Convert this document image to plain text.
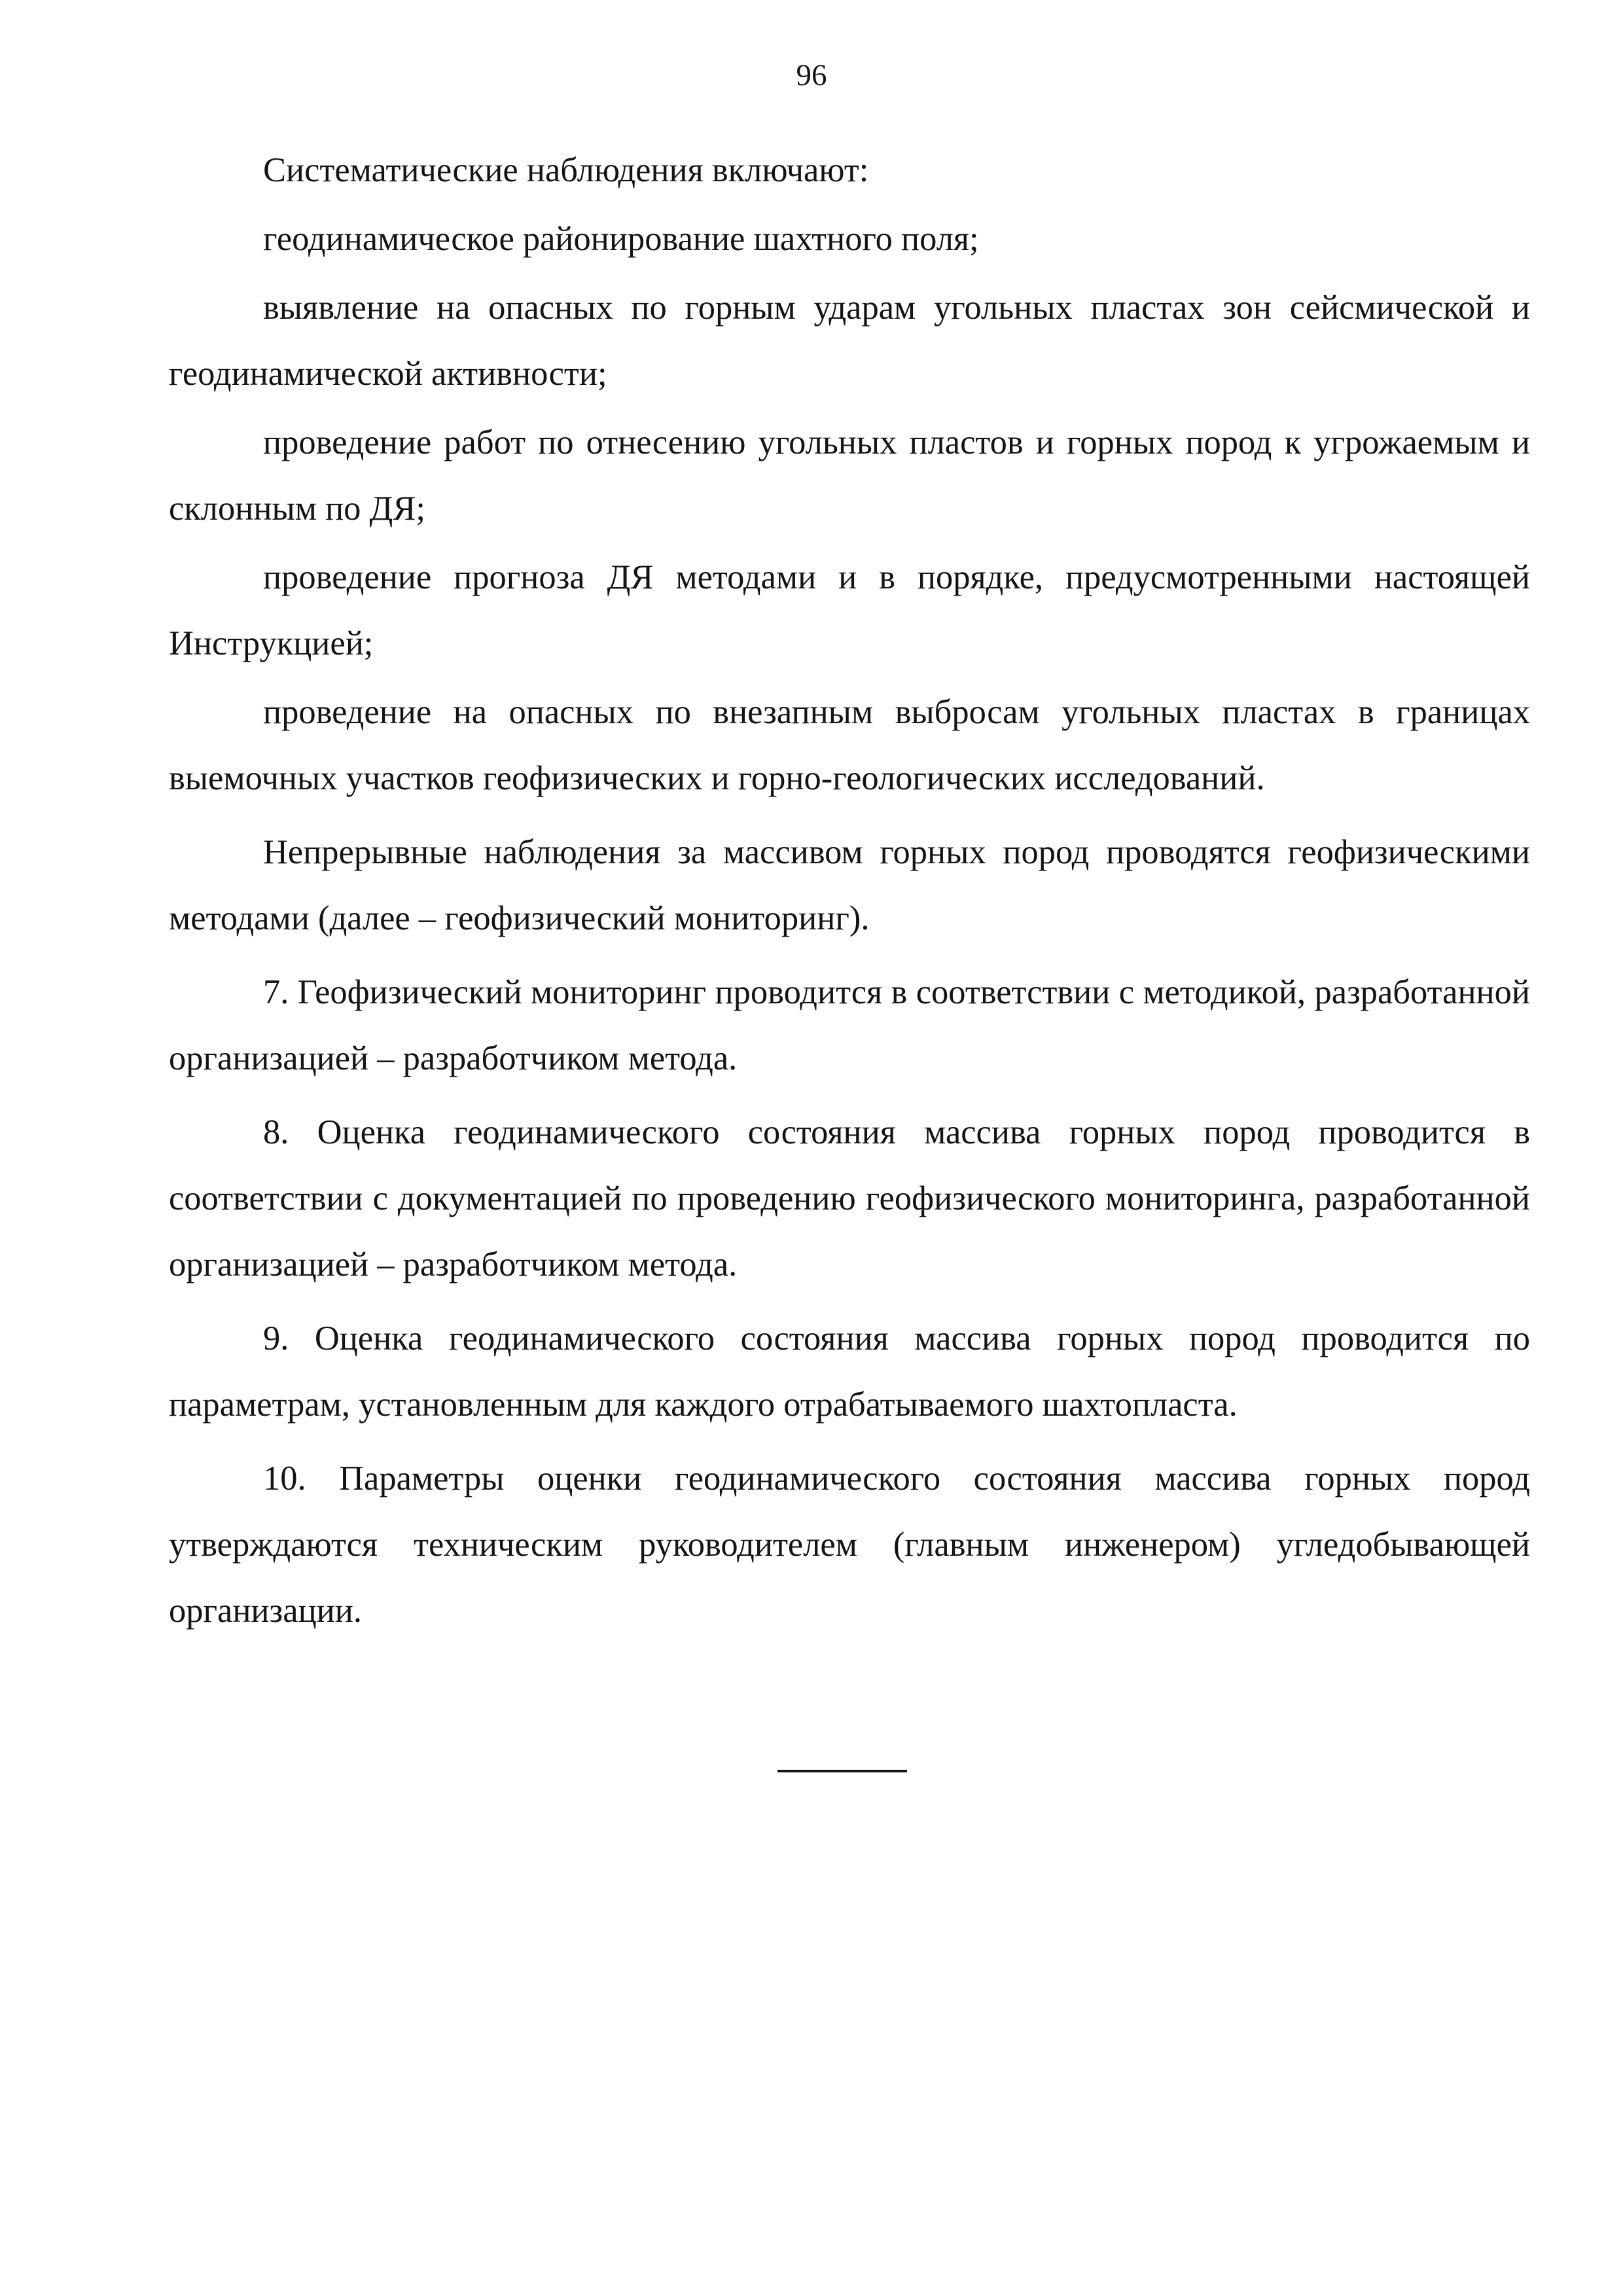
96

Систематические наблюдения включают:

геодинамическое районирование шахтного поля;

выявление на опасных по горным ударам угольных пластах зон сейсмической и геодинамической активности;

проведение работ по отнесению угольных пластов и горных пород к угрожаемым и склонным по ДЯ;

проведение прогноза ДЯ методами и в порядке, предусмотренными настоящей Инструкцией;

проведение на опасных по внезапным выбросам угольных пластах в границах выемочных участков геофизических и горно-геологических исследований.

Непрерывные наблюдения за массивом горных пород проводятся геофизическими методами (далее – геофизический мониторинг).

7. Геофизический мониторинг проводится в соответствии с методикой, разработанной организацией – разработчиком метода.

8. Оценка геодинамического состояния массива горных пород проводится в соответствии с документацией по проведению геофизического мониторинга, разработанной организацией – разработчиком метода.

9. Оценка геодинамического состояния массива горных пород проводится по параметрам, установленным для каждого отрабатываемого шахтопласта.

10. Параметры оценки геодинамического состояния массива горных пород утверждаются техническим руководителем (главным инженером) угледобывающей организации.
